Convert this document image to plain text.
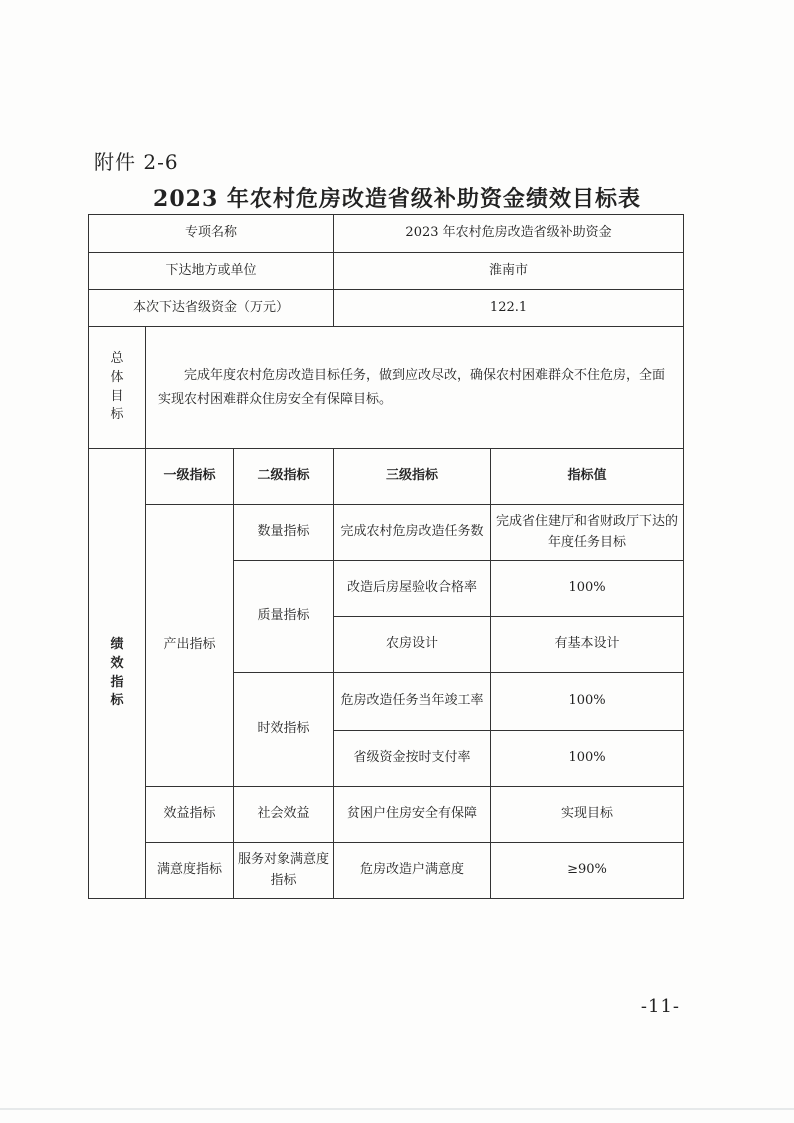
附件 2-6
2023 年农村危房改造省级补助资金绩效目标表
专项名称			2023 年农村危房改造省级补助资金	
下达地方或单位			淮南市	
本次下达省级资金（万元）			122.1	

总体目标	完成年度农村危房改造目标任务，做到应改尽改，确保农村困难群众不住危房，全面实现农村困难群众住房安全有保障目标。			

绩效指标	一级指标	二级指标	三级指标	指标值
	产出指标	数量指标	完成农村危房改造任务数	完成省住建厅和省财政厅下达的年度任务目标
		质量指标	改造后房屋验收合格率	100%
			农房设计	有基本设计
		时效指标	危房改造任务当年竣工率	100%
			省级资金按时支付率	100%
	效益指标	社会效益	贫困户住房安全有保障	实现目标
	满意度指标	服务对象满意度指标	危房改造户满意度	≥90%
-11-
